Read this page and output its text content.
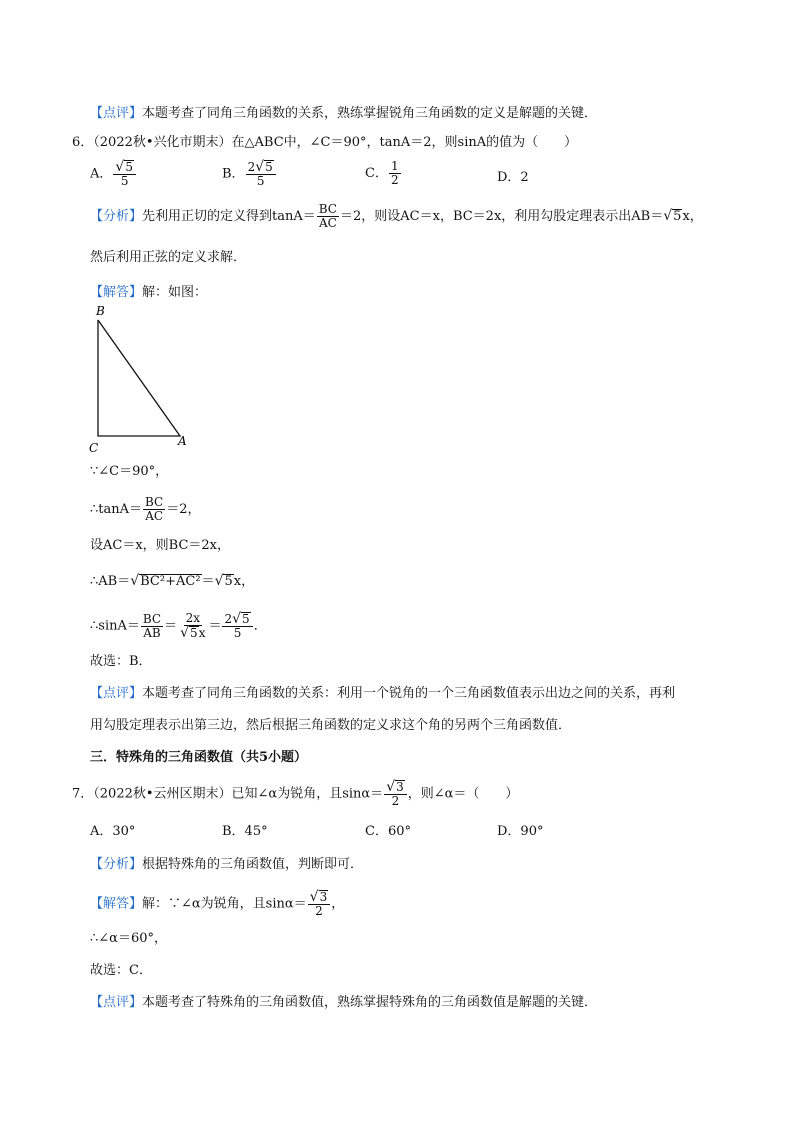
【点评】本题考查了同角三角函数的关系，熟练掌握锐角三角函数的定义是解题的关键．
6．（2022秋•兴化市期末）在△ABC中，∠C＝90°，tanA＝2，则sinA的值为（　　）
A． $\frac{√ 5}{5}$	B． $\frac{2 √ 5}{5}$	C． $\frac{1}{2}$	D．2
【分析】先利用正切的定义得到$\tan A= \frac{BC}{AC} =2$，则设AC＝x，BC＝2x，利用勾股定理表示出AB＝ √ 5 x，
然后利用正弦的定义求解．
【解答】解：如图：
B
C	A
∵∠C＝90°，
∴tanA＝ $\frac{BC}{AC} =2$，
设AC＝x，则BC＝2x，
∴AB＝ √ BC²+AC² ＝ √ 5 x，
∴sinA＝ $\frac{BC}{AB} = \frac{2x}{√ 5 x} = \frac{2 √ 5}{5}$ ．
故选：B．
【点评】本题考查了同角三角函数的关系：利用一个锐角的一个三角函数值表示出边之间的关系，再利
用勾股定理表示出第三边，然后根据三角函数的定义求这个角的另两个三角函数值．
三．特殊角的三角函数值（共5小题）
7．（2022秋•云州区期末）已知∠α为锐角，且$\sin\alpha= \frac{√ 3}{2}$ ，则∠α＝（　　）
A．30°	B．45°	C．60°	D．90°
【分析】根据特殊角的三角函数值，判断即可．
【解答】解：∵∠α为锐角，且$\sin\alpha= \frac{√ 3}{2}$ ，
∴∠α＝60°，
故选：C．
【点评】本题考查了特殊角的三角函数值，熟练掌握特殊角的三角函数值是解题的关键．
